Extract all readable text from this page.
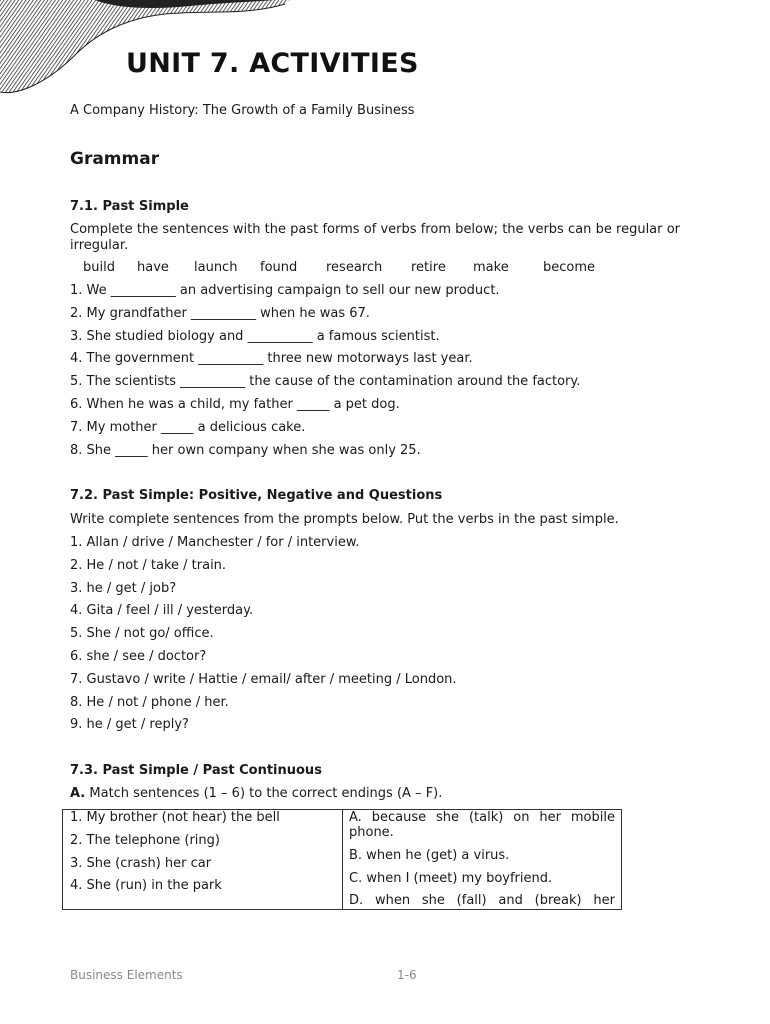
UNIT 7. ACTIVITIES
A Company History: The Growth of a Family Business
Grammar
7.1. Past Simple
Complete the sentences with the past forms of verbs from below; the verbs can be regular or irregular.
build have launch found research retire make	become
1. We __________ an advertising campaign to sell our new product.
2. My grandfather __________ when he was 67.
3. She studied biology and __________ a famous scientist.
4. The government __________ three new motorways last year.
5. The scientists __________ the cause of the contamination around the factory.
6. When he was a child, my father _____ a pet dog.
7. My mother _____ a delicious cake.
8. She _____ her own company when she was only 25.
7.2. Past Simple: Positive, Negative and Questions
Write complete sentences from the prompts below. Put the verbs in the past simple.
1. Allan / drive / Manchester / for / interview.
2. He / not / take / train.
3. he / get / job?
4. Gita / feel / ill / yesterday.
5. She / not go/ office.
6. she / see / doctor?
7. Gustavo / write / Hattie / email/ after / meeting / London.
8. He / not / phone / her.
9. he / get / reply?
7.3. Past Simple / Past Continuous
A. Match sentences (1 – 6) to the correct endings (A – F).
1. My brother (not hear) the bell
2. The telephone (ring)
3. She (crash) her car
4. She (run) in the park
A. because she (talk) on her mobile phone.
B. when he (get) a virus.
C. when I (meet) my boyfriend.
D. when she (fall) and (break) her
Business Elements	1-6
